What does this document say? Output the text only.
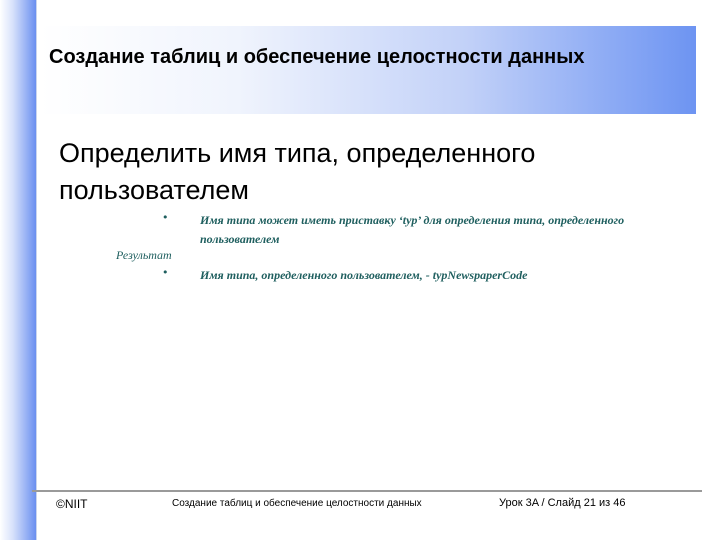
Создание таблиц и обеспечение целостности данных
Определить имя типа, определенного пользователем
•	Имя типа может иметь приставку ‘typ’ для определения типа, определенного пользователем
Результат
•	Имя типа, определенного пользователем, - typNewspaperCode
©NIIT	Создание таблиц и обеспечение целостности данных	Урок 3A / Слайд 21 из 46
